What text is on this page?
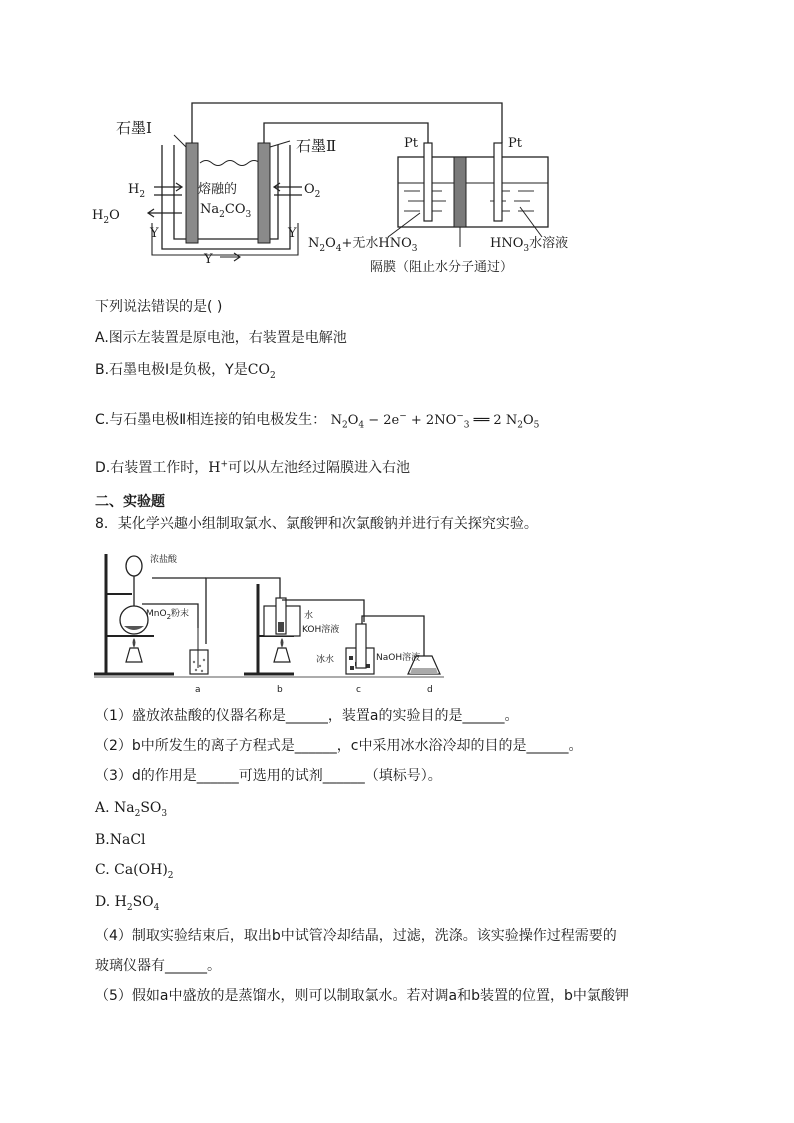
石墨Ⅰ
石墨Ⅱ	Pt	Pt
$H_2$	$O_2$
$H_2O$
熔融的
$Na_2CO_3$
Y	Y
Y
$N_2O_4+$无水$HNO_3$	$HNO_3$水溶液
隔膜（阻止水分子通过）
下列说法错误的是( )
A.图示左装置是原电池，右装置是电解池
B.石墨电极Ⅰ是负极，Y是$CO_2$
C.与石墨电极Ⅱ相连接的铂电极发生： $N_2O_4 - 2e^- + 2NO^-_3$ ══ 2 $N_2O_5$
D.右装置工作时，H+可以从左池经过隔膜进入右池
二、实验题
8．某化学兴趣小组制取氯水、氯酸钾和次氯酸钠并进行有关探究实验。
浓盐酸
MnO$_2$粉末	水
KOH溶液
冰水	NaOH溶液
a	b	c	d
（1）盛放浓盐酸的仪器名称是______，装置a的实验目的是______。
（2）b中所发生的离子方程式是______，c中采用冰水浴冷却的目的是______。
（3）d的作用是______可选用的试剂______（填标号）。
A. $Na_2SO_3$
B.NaCl
C. $Ca(OH)_2$
D. $H_2SO_4$
（4）制取实验结束后，取出b中试管冷却结晶，过滤，洗涤。该实验操作过程需要的
玻璃仪器有______。
（5）假如a中盛放的是蒸馏水，则可以制取氯水。若对调a和b装置的位置，b中氯酸钾
